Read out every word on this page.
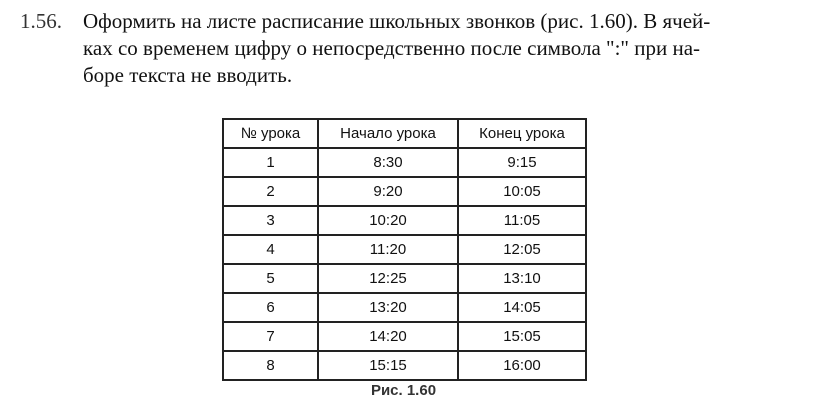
1.56. Оформить на листе расписание школьных звонков (рис. 1.60). В ячей-
ках со временем цифру о непосредственно после символа ":" при на-
боре текста не вводить.
№ урока	Начало урока	Конец урока
1	8:30	9:15
2	9:20	10:05
3	10:20	11:05
4	11:20	12:05
5	12:25	13:10
6	13:20	14:05
7	14:20	15:05
8	15:15	16:00
Рис. 1.60
